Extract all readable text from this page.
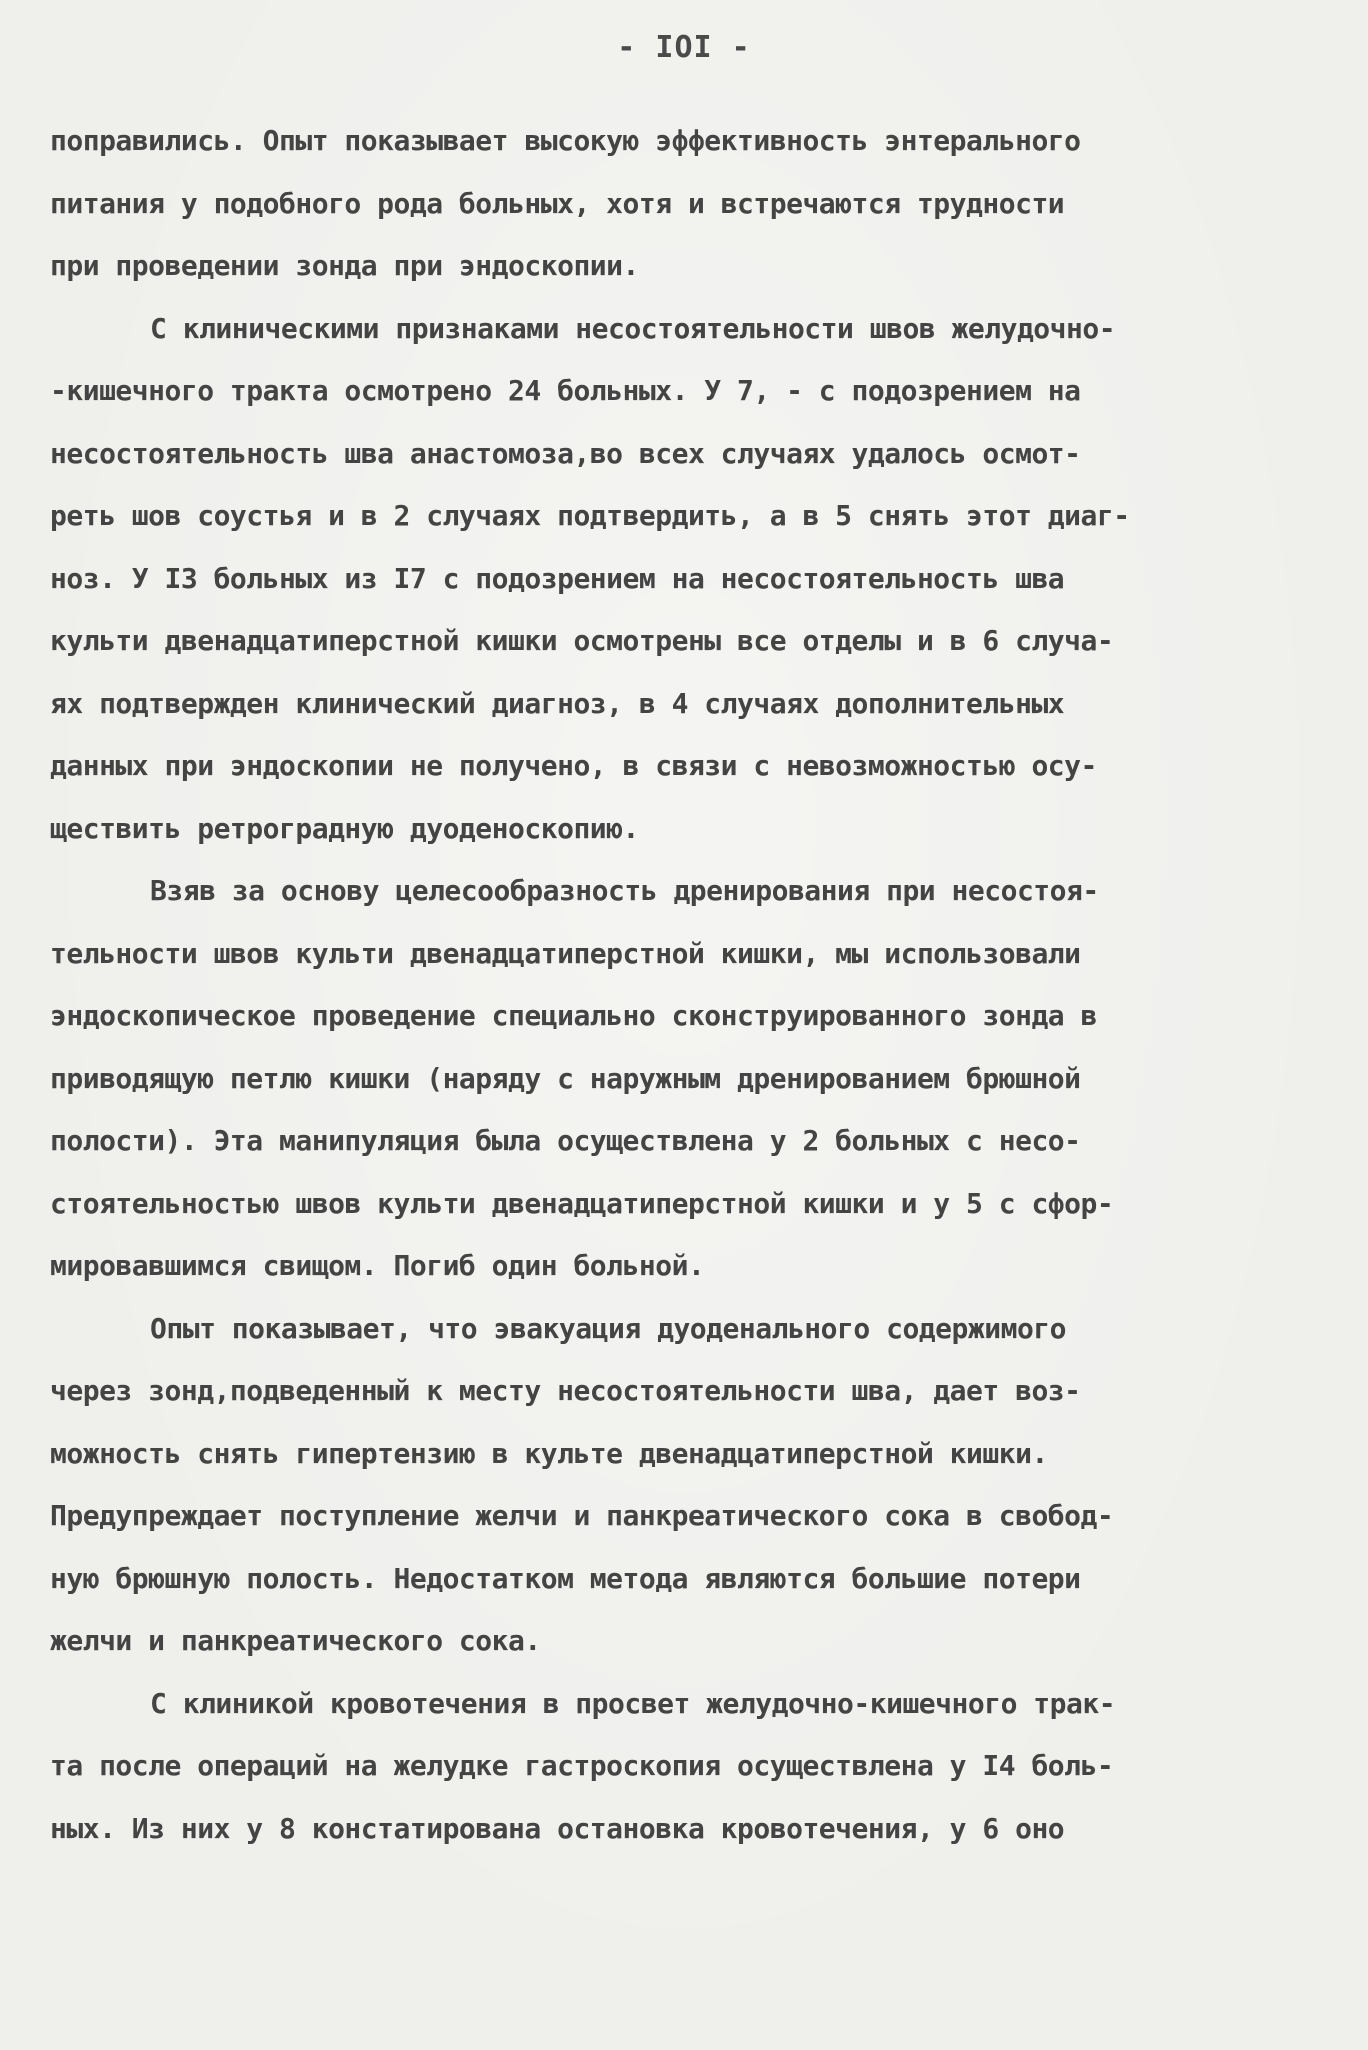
- IOI -
поправились. Опыт показывает высокую эффективность энтерального
питания у подобного рода больных, хотя и встречаются трудности
при проведении зонда при эндоскопии.
С клиническими признаками несостоятельности швов желудочно-
-кишечного тракта осмотрено 24 больных. У 7, - с подозрением на
несостоятельность шва анастомоза,во всех случаях удалось осмот-
реть шов соустья и в 2 случаях подтвердить, а в 5 снять этот диаг-
ноз. У I3 больных из I7 с подозрением на несостоятельность шва
культи двенадцатиперстной кишки осмотрены все отделы и в 6 случа-
ях подтвержден клинический диагноз, в 4 случаях дополнительных
данных при эндоскопии не получено, в связи с невозможностью осу-
ществить ретроградную дуоденоскопию.
Взяв за основу целесообразность дренирования при несостоя-
тельности швов культи двенадцатиперстной кишки, мы использовали
эндоскопическое проведение специально сконструированного зонда в
приводящую петлю кишки (наряду с наружным дренированием брюшной
полости). Эта манипуляция была осуществлена у 2 больных с несо-
стоятельностью швов культи двенадцатиперстной кишки и у 5 с сфор-
мировавшимся свищом. Погиб один больной.
Опыт показывает, что эвакуация дуоденального содержимого
через зонд,подведенный к месту несостоятельности шва, дает воз-
можность снять гипертензию в культе двенадцатиперстной кишки.
Предупреждает поступление желчи и панкреатического сока в свобод-
ную брюшную полость. Недостатком метода являются большие потери
желчи и панкреатического сока.
С клиникой кровотечения в просвет желудочно-кишечного трак-
та после операций на желудке гастроскопия осуществлена у I4 боль-
ных. Из них у 8 констатирована остановка кровотечения, у 6 оно
